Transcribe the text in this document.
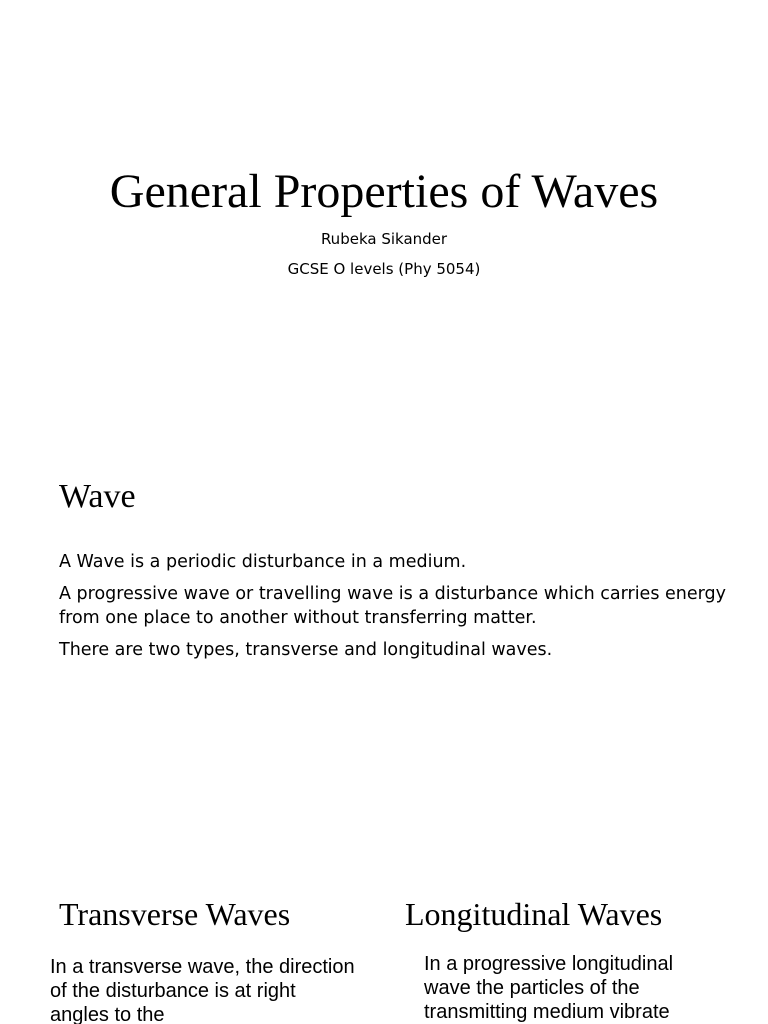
General Properties of Waves
Rubeka Sikander
GCSE O levels (Phy 5054)
Wave
A Wave is a periodic disturbance in a medium.
A progressive wave or travelling wave is a disturbance which carries energy from one place to another without transferring matter.
There are two types, transverse and longitudinal waves.
Transverse Waves	Longitudinal Waves

In a transverse wave, the direction of the disturbance is at right angles to the

In a progressive longitudinal wave the particles of the transmitting medium vibrate
